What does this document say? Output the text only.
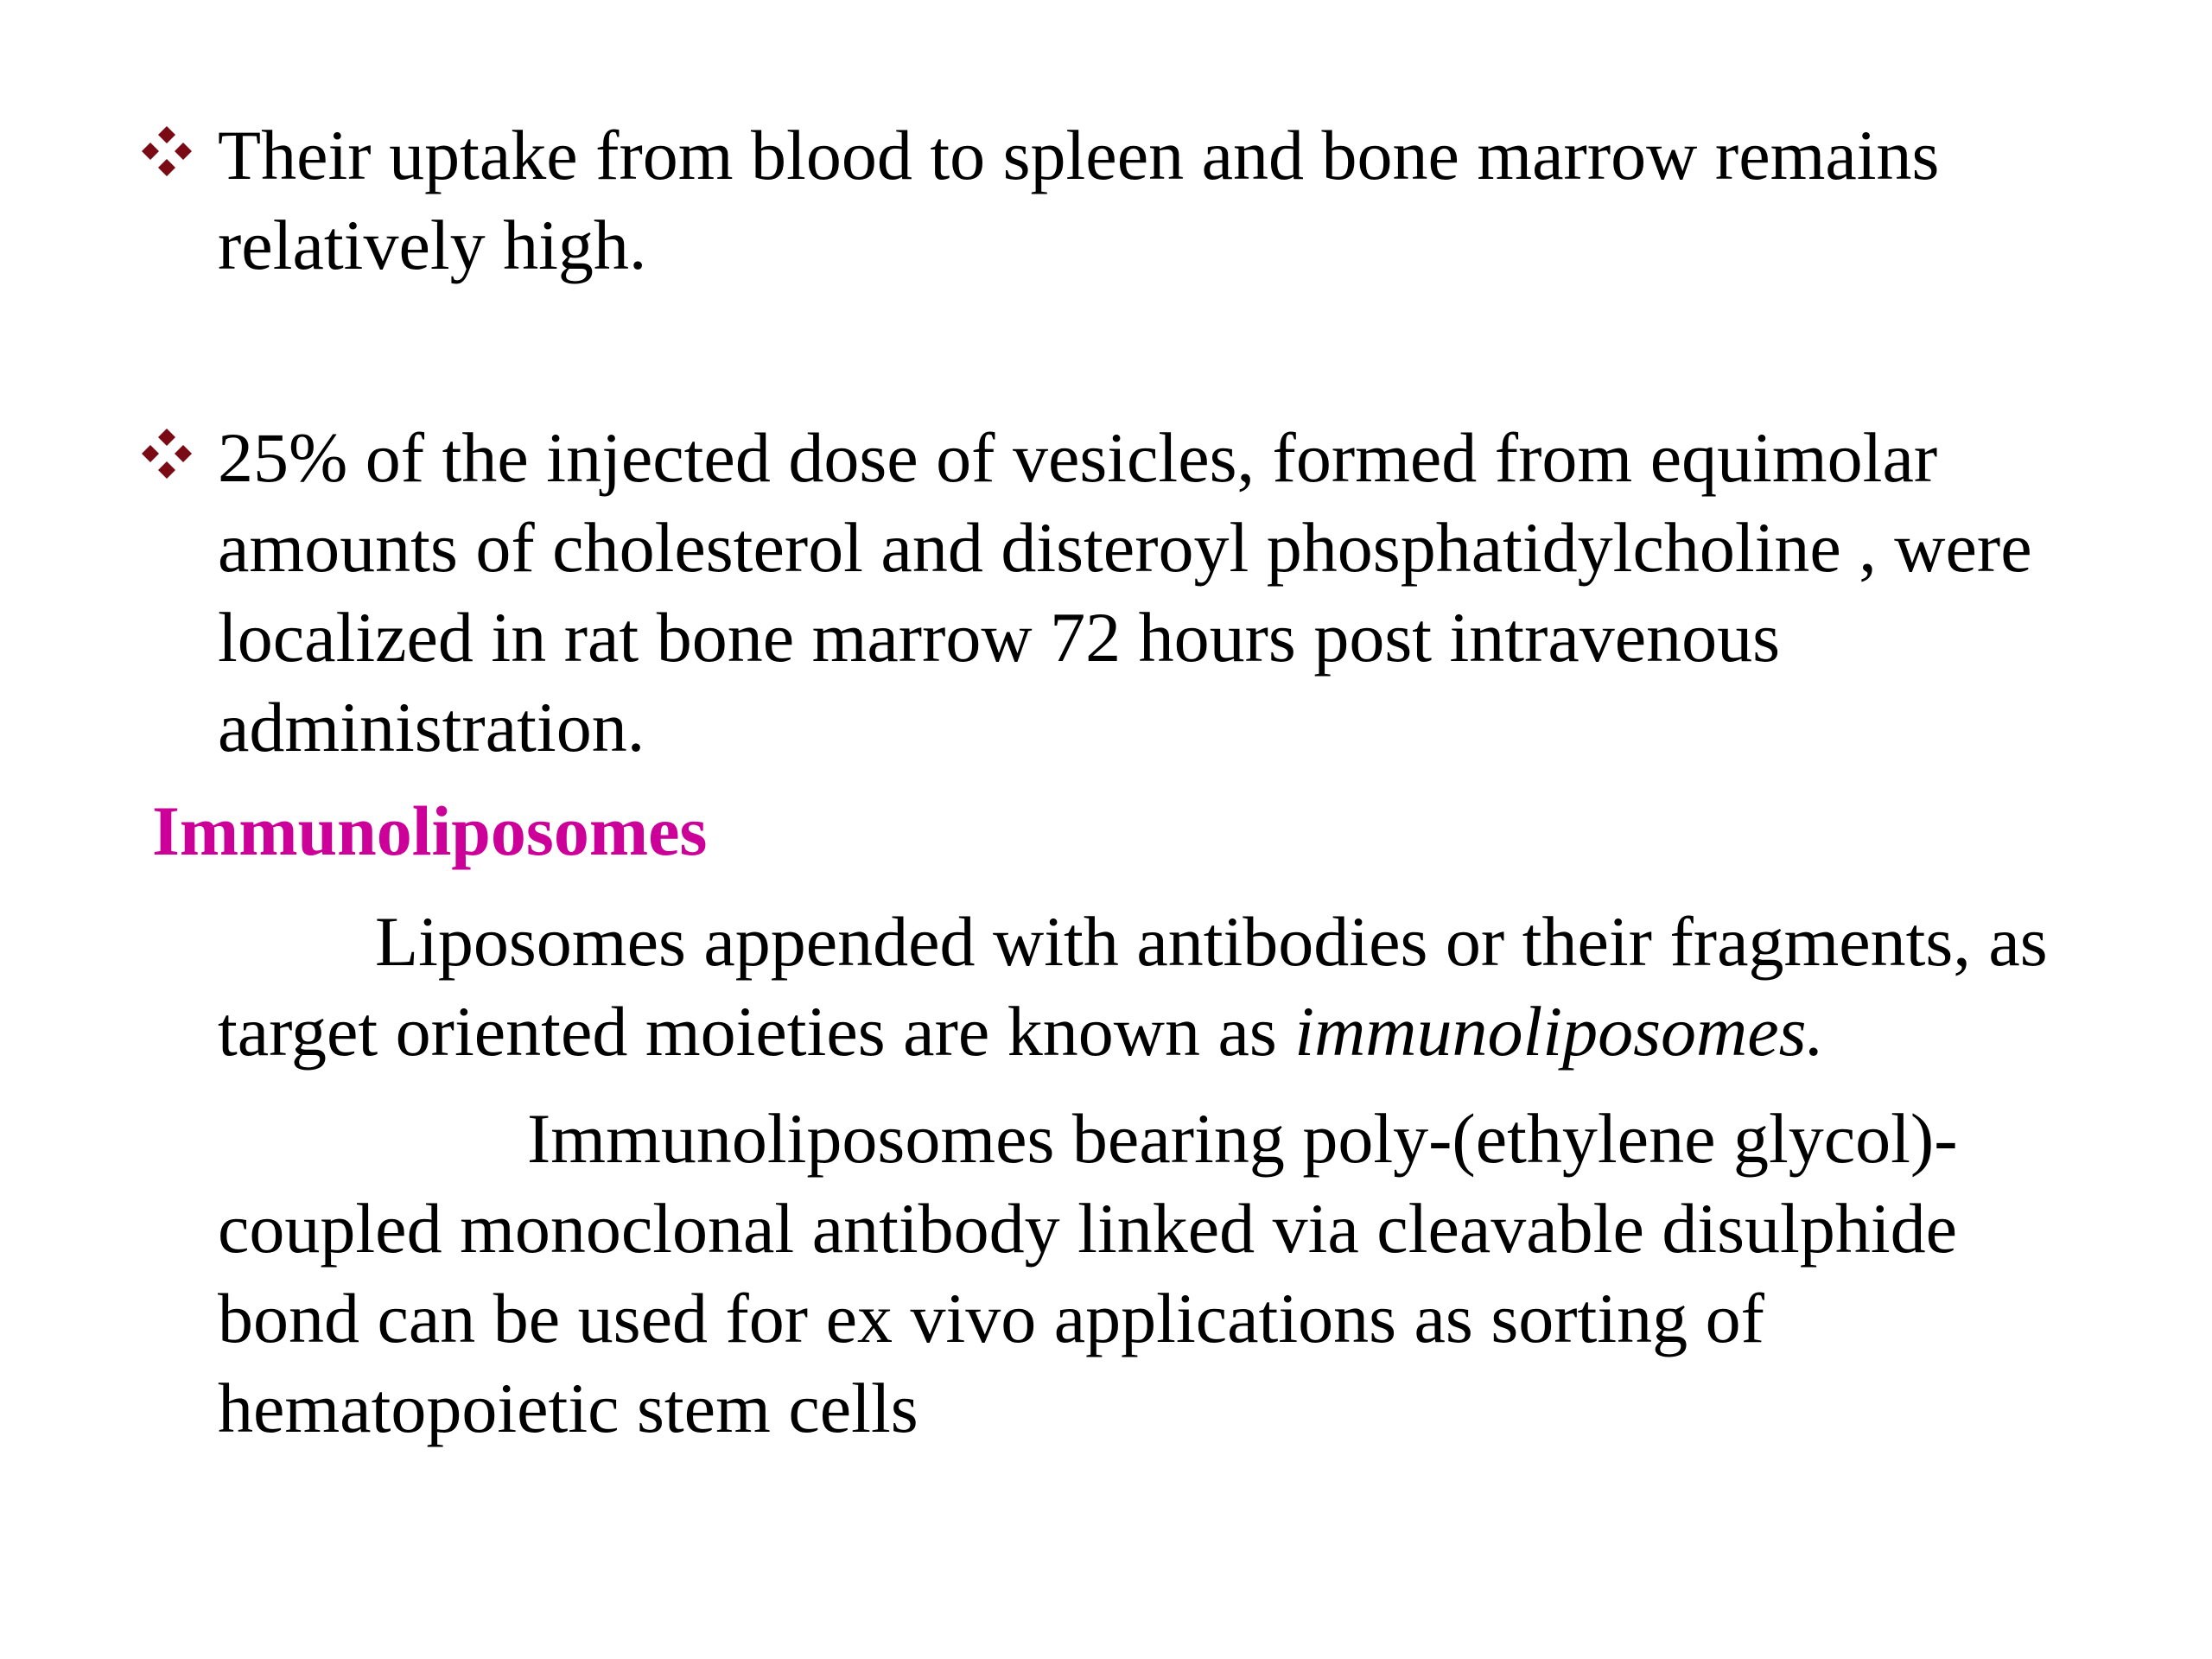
Their uptake from blood to spleen and bone marrow remains relatively high.

25% of the injected dose of vesicles, formed from equimolar amounts of cholesterol and disteroyl phosphatidylcholine , were localized in rat bone marrow 72 hours post intravenous administration.

Immunoliposomes

Liposomes appended with antibodies or their fragments, as target oriented moieties are known as immunoliposomes.

Immunoliposomes bearing poly-(ethylene glycol)-coupled monoclonal antibody linked via cleavable disulphide bond can be used for ex vivo applications as sorting of hematopoietic stem cells
